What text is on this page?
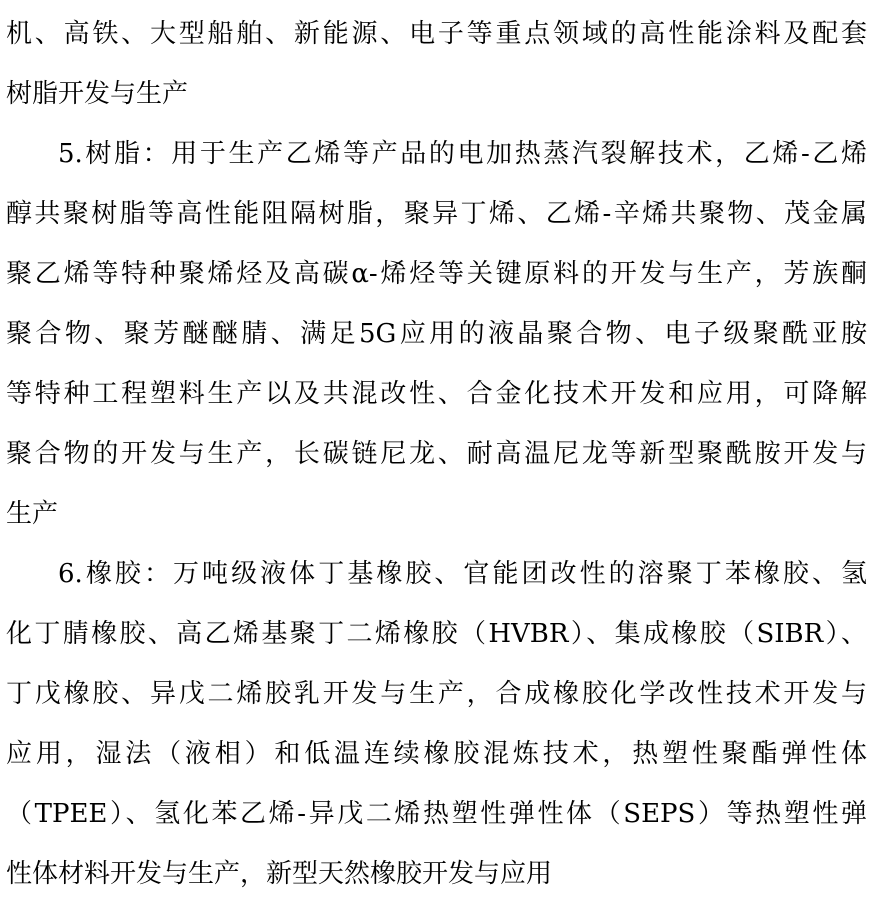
机、高铁、大型船舶、新能源、电子等重点领域的高性能涂料及配套
树脂开发与生产
5.树脂：用于生产乙烯等产品的电加热蒸汽裂解技术，乙烯-乙烯
醇共聚树脂等高性能阻隔树脂，聚异丁烯、乙烯-辛烯共聚物、茂金属
聚乙烯等特种聚烯烃及高碳α-烯烃等关键原料的开发与生产，芳族酮
聚合物、聚芳醚醚腈、满足5G应用的液晶聚合物、电子级聚酰亚胺
等特种工程塑料生产以及共混改性、合金化技术开发和应用，可降解
聚合物的开发与生产，长碳链尼龙、耐高温尼龙等新型聚酰胺开发与
生产
6.橡胶：万吨级液体丁基橡胶、官能团改性的溶聚丁苯橡胶、氢
化丁腈橡胶、高乙烯基聚丁二烯橡胶（HVBR）、集成橡胶（SIBR）、
丁戊橡胶、异戊二烯胶乳开发与生产，合成橡胶化学改性技术开发与
应用，湿法（液相）和低温连续橡胶混炼技术，热塑性聚酯弹性体
（TPEE）、氢化苯乙烯-异戊二烯热塑性弹性体（SEPS）等热塑性弹
性体材料开发与生产，新型天然橡胶开发与应用
